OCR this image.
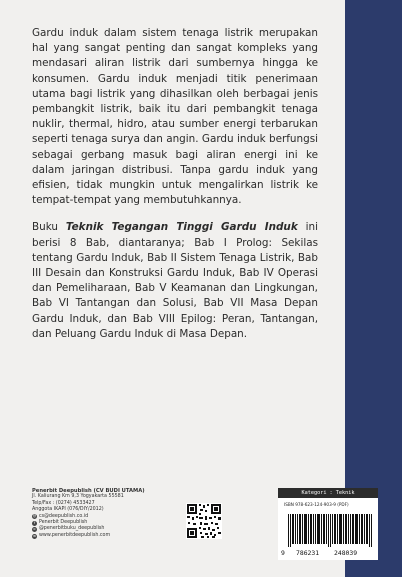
Gardu induk dalam sistem tenaga listrik merupakan hal yang sangat penting dan sangat kompleks yang mendasari aliran listrik dari sumbernya hingga ke konsumen. Gardu induk menjadi titik penerimaan utama bagi listrik yang dihasilkan oleh berbagai jenis pembangkit listrik, baik itu dari pembangkit tenaga nuklir, thermal, hidro, atau sumber energi terbarukan seperti tenaga surya dan angin. Gardu induk berfungsi sebagai gerbang masuk bagi aliran energi ini ke dalam jaringan distribusi. Tanpa gardu induk yang efisien, tidak mungkin untuk mengalirkan listrik ke tempat-tempat yang membutuhkannya.

Buku Teknik Tegangan Tinggi Gardu Induk ini berisi 8 Bab, diantaranya; Bab I Prolog: Sekilas tentang Gardu Induk, Bab II Sistem Tenaga Listrik, Bab III Desain dan Konstruksi Gardu Induk, Bab IV Operasi dan Pemeliharaan, Bab V Keamanan dan Lingkungan, Bab VI Tantangan dan Solusi, Bab VII Masa Depan Gardu Induk, dan Bab VIII Epilog: Peran, Tantangan, dan Peluang Gardu Induk di Masa Depan.

Penerbit Deepublish (CV BUDI UTAMA)
Jl. Kaliurang Km 9,3 Yogyakarta 55581
Telp/Fax : (0274) 4533427
Anggota IKAPI (076/DIY/2012)
@ cs@deepublish.co.id
f Penerbit Deepublish
o @penerbitbuku_deepublish
w www.penerbitdeepublish.com
Kategori : Teknik
ISBN 978-623-124-903-9 (PDF)
9 786231 248039
